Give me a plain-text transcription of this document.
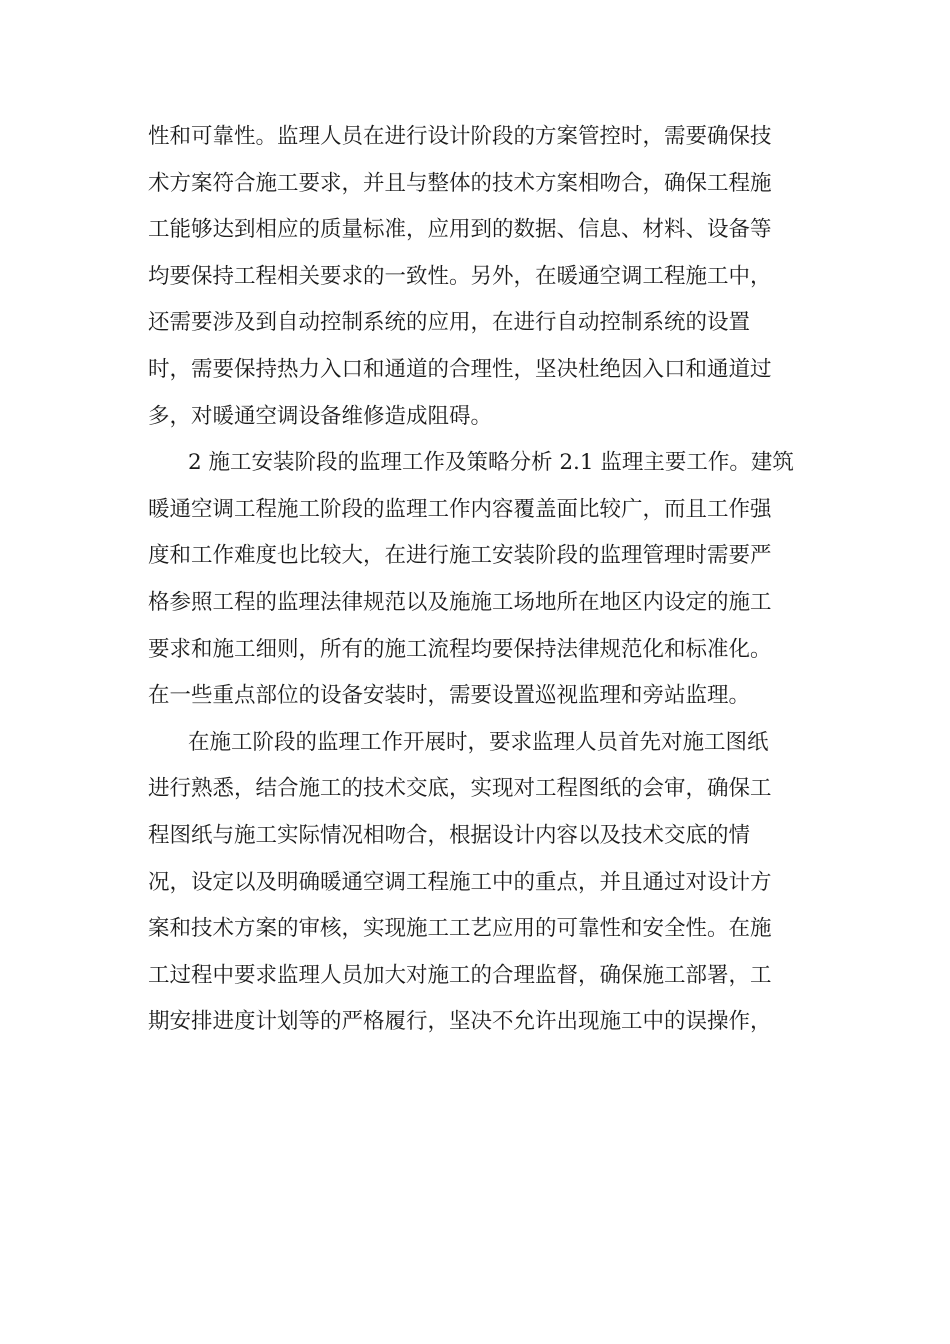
性和可靠性。监理人员在进行设计阶段的方案管控时，需要确保技
术方案符合施工要求，并且与整体的技术方案相吻合，确保工程施
工能够达到相应的质量标准，应用到的数据、信息、材料、设备等
均要保持工程相关要求的一致性。另外，在暖通空调工程施工中，
还需要涉及到自动控制系统的应用，在进行自动控制系统的设置
时，需要保持热力入口和通道的合理性，坚决杜绝因入口和通道过
多，对暖通空调设备维修造成阻碍。
2 施工安装阶段的监理工作及策略分析 2.1 监理主要工作。建筑
暖通空调工程施工阶段的监理工作内容覆盖面比较广，而且工作强
度和工作难度也比较大，在进行施工安装阶段的监理管理时需要严
格参照工程的监理法律规范以及施施工场地所在地区内设定的施工
要求和施工细则，所有的施工流程均要保持法律规范化和标准化。
在一些重点部位的设备安装时，需要设置巡视监理和旁站监理。
在施工阶段的监理工作开展时，要求监理人员首先对施工图纸
进行熟悉，结合施工的技术交底，实现对工程图纸的会审，确保工
程图纸与施工实际情况相吻合，根据设计内容以及技术交底的情
况，设定以及明确暖通空调工程施工中的重点，并且通过对设计方
案和技术方案的审核，实现施工工艺应用的可靠性和安全性。在施
工过程中要求监理人员加大对施工的合理监督，确保施工部署，工
期安排进度计划等的严格履行，坚决不允许出现施工中的误操作，
